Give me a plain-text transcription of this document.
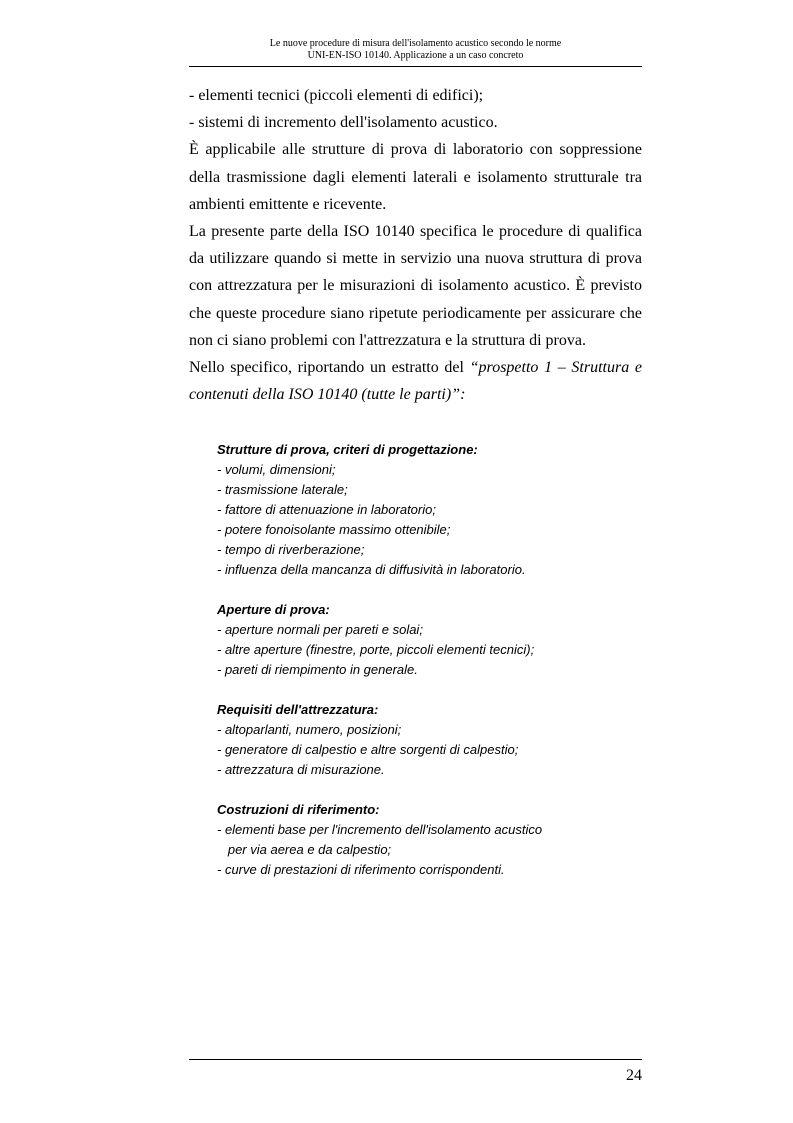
Le nuove procedure di misura dell'isolamento acustico secondo le norme
UNI-EN-ISO 10140. Applicazione a un caso concreto

- elementi tecnici (piccoli elementi di edifici);

- sistemi di incremento dell'isolamento acustico.

È applicabile alle strutture di prova di laboratorio con soppressione della trasmissione dagli elementi laterali e isolamento strutturale tra ambienti emittente e ricevente.

La presente parte della ISO 10140 specifica le procedure di qualifica da utilizzare quando si mette in servizio una nuova struttura di prova con attrezzatura per le misurazioni di isolamento acustico. È previsto che queste procedure siano ripetute periodicamente per assicurare che non ci siano problemi con l'attrezzatura e la struttura di prova.

Nello specifico, riportando un estratto del “prospetto 1 – Struttura e contenuti della ISO 10140 (tutte le parti)”:

Strutture di prova, criteri di progettazione:
- volumi, dimensioni;
- trasmissione laterale;
- fattore di attenuazione in laboratorio;
- potere fonoisolante massimo ottenibile;
- tempo di riverberazione;
- influenza della mancanza di diffusività in laboratorio.
Aperture di prova:
- aperture normali per pareti e solai;
- altre aperture (finestre, porte, piccoli elementi tecnici);
- pareti di riempimento in generale.
Requisiti dell'attrezzatura:
- altoparlanti, numero, posizioni;
- generatore di calpestio e altre sorgenti di calpestio;
- attrezzatura di misurazione.
Costruzioni di riferimento:
- elementi base per l'incremento dell'isolamento acustico
per via aerea e da calpestio;
- curve di prestazioni di riferimento corrispondenti.
24
